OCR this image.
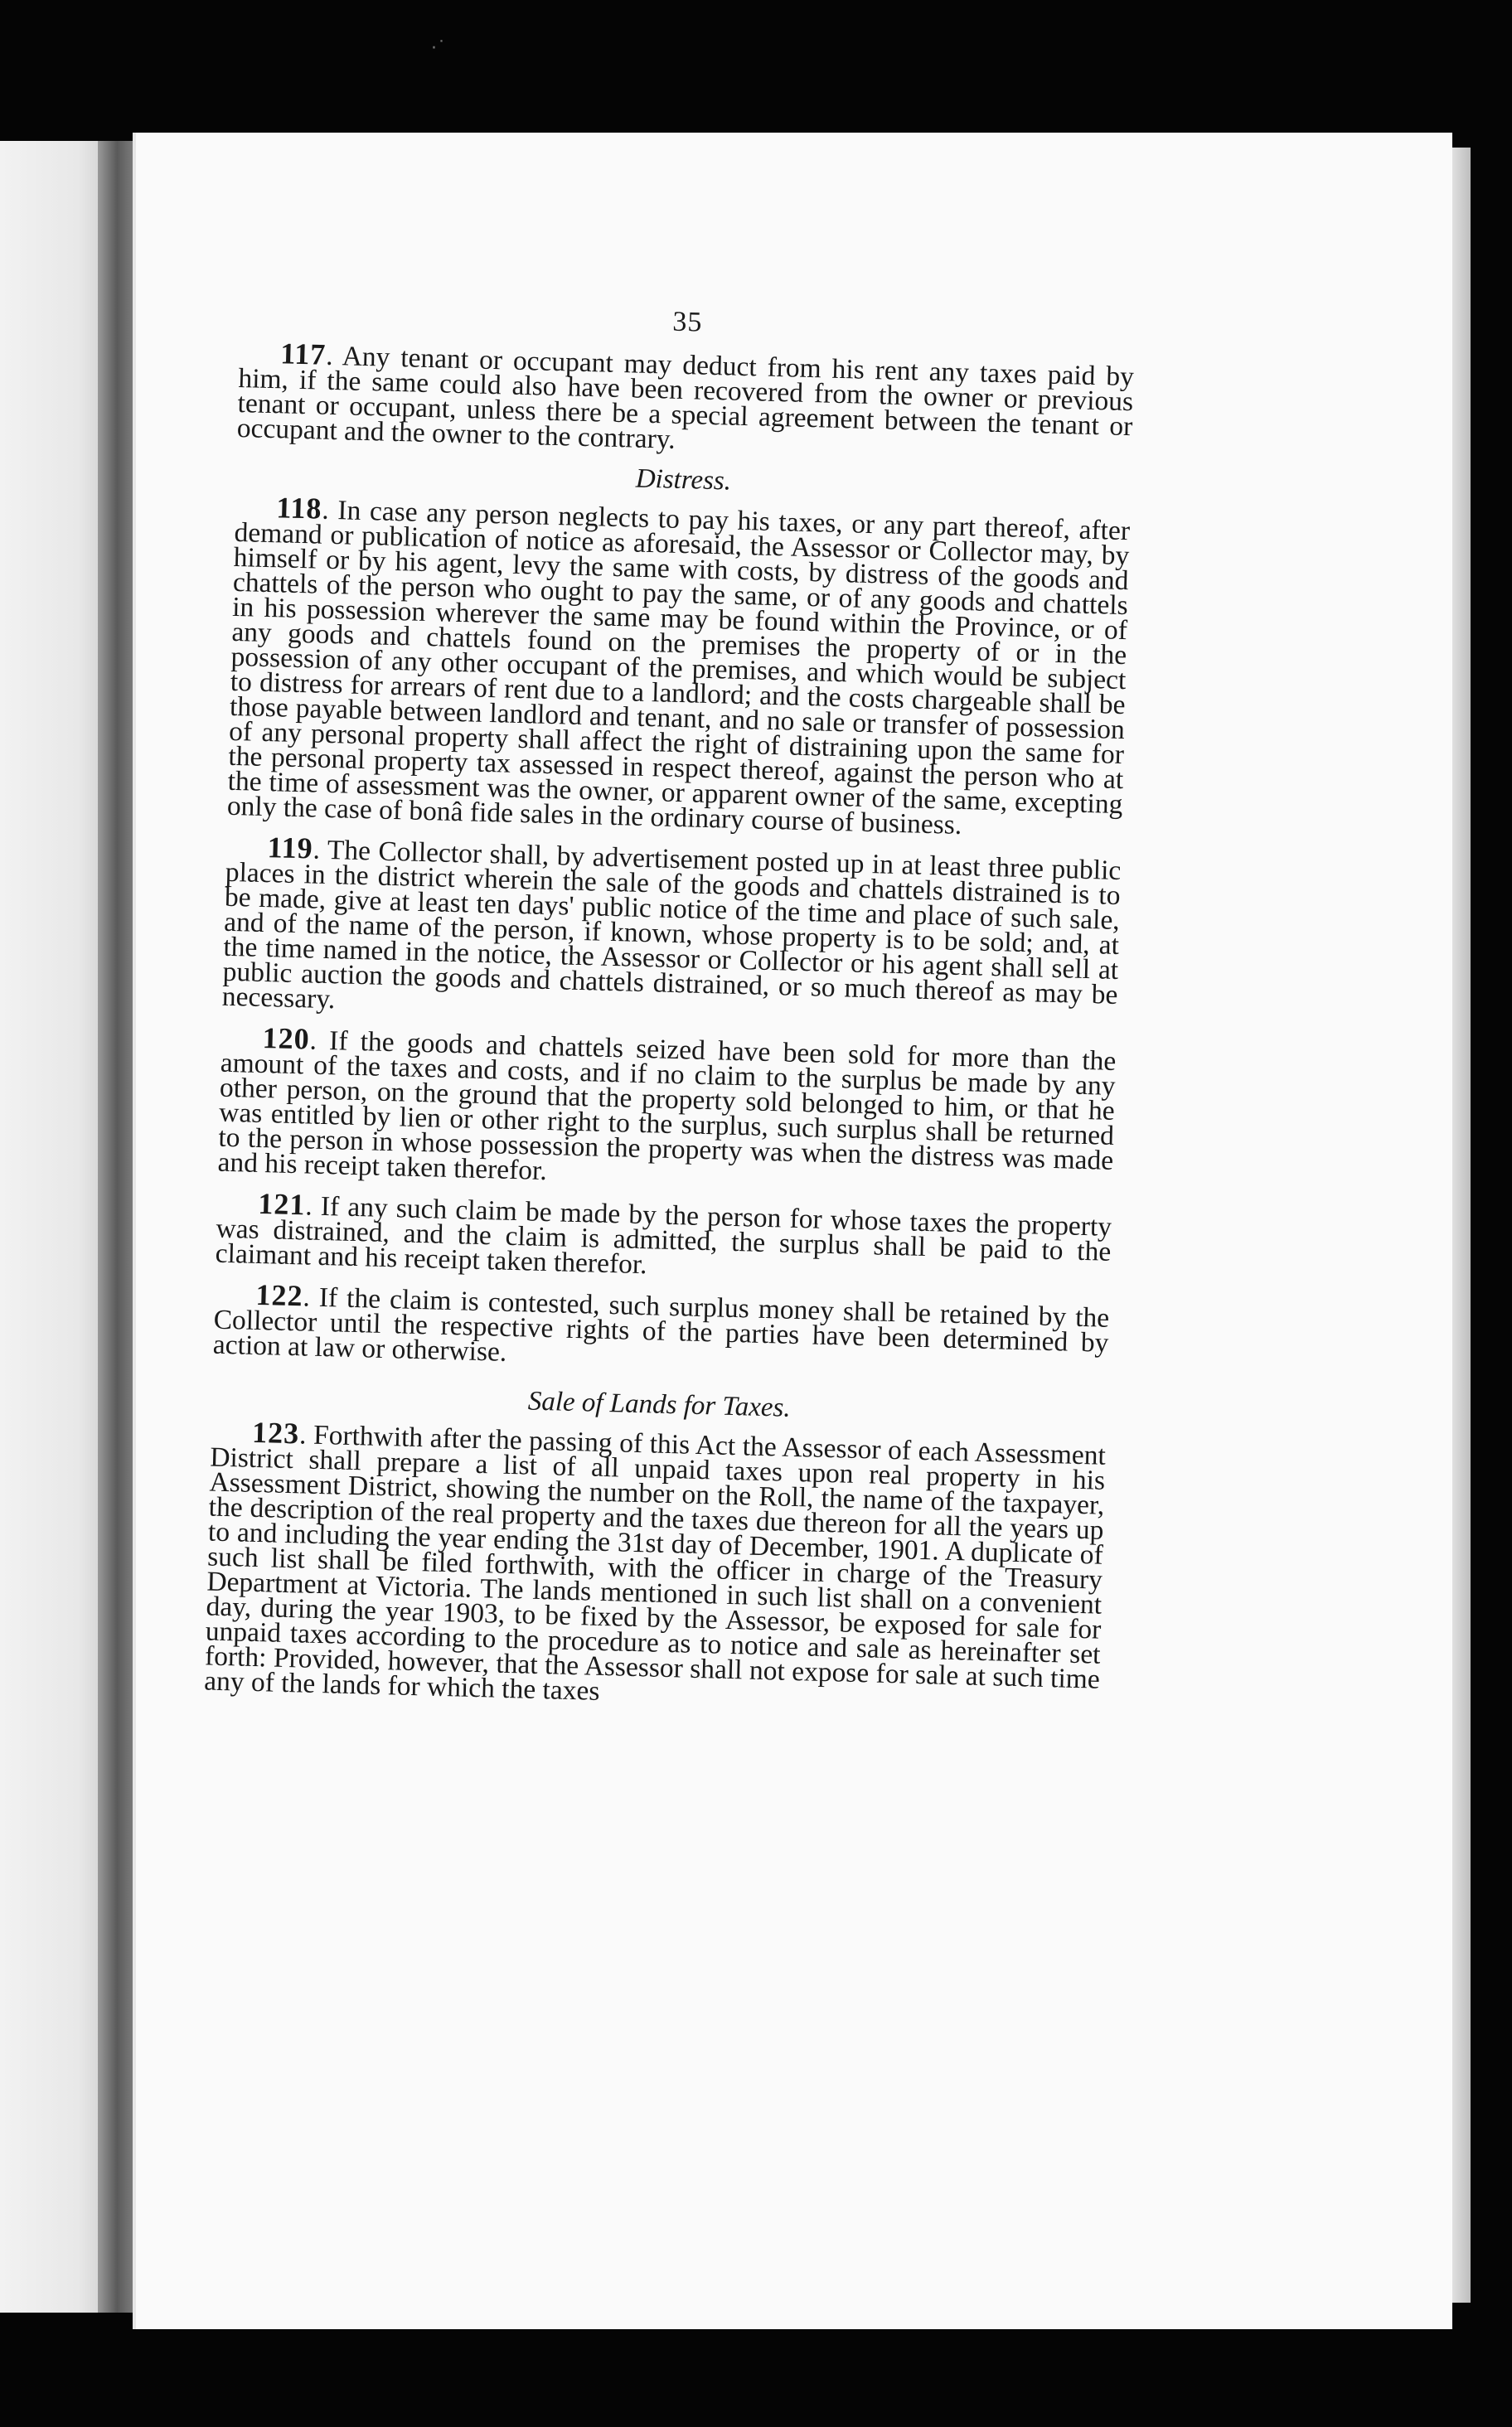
·˙
35

117. Any tenant or occupant may deduct from his rent any taxes paid by him, if the same could also have been recovered from the owner or previous tenant or occupant, unless there be a special agreement between the tenant or occupant and the owner to the contrary.

Distress.

118. In case any person neglects to pay his taxes, or any part thereof, after demand or publication of notice as aforesaid, the Assessor or Collector may, by himself or by his agent, levy the same with costs, by distress of the goods and chattels of the person who ought to pay the same, or of any goods and chattels in his possession wherever the same may be found within the Province, or of any goods and chattels found on the premises the property of or in the possession of any other occupant of the premises, and which would be subject to distress for arrears of rent due to a landlord; and the costs chargeable shall be those payable between landlord and tenant, and no sale or transfer of possession of any personal property shall affect the right of distraining upon the same for the personal property tax assessed in respect thereof, against the person who at the time of assessment was the owner, or apparent owner of the same, excepting only the case of bonâ fide sales in the ordinary course of business.

119. The Collector shall, by advertisement posted up in at least three public places in the district wherein the sale of the goods and chattels distrained is to be made, give at least ten days' public notice of the time and place of such sale, and of the name of the person, if known, whose property is to be sold; and, at the time named in the notice, the Assessor or Collector or his agent shall sell at public auction the goods and chattels distrained, or so much thereof as may be necessary.

120. If the goods and chattels seized have been sold for more than the amount of the taxes and costs, and if no claim to the surplus be made by any other person, on the ground that the property sold belonged to him, or that he was entitled by lien or other right to the surplus, such surplus shall be returned to the person in whose possession the property was when the distress was made and his receipt taken therefor.

121. If any such claim be made by the person for whose taxes the property was distrained, and the claim is admitted, the surplus shall be paid to the claimant and his receipt taken therefor.

122. If the claim is contested, such surplus money shall be retained by the Collector until the respective rights of the parties have been determined by action at law or otherwise.

Sale of Lands for Taxes.

123. Forthwith after the passing of this Act the Assessor of each Assessment District shall prepare a list of all unpaid taxes upon real property in his Assessment District, showing the number on the Roll, the name of the taxpayer, the description of the real property and the taxes due thereon for all the years up to and including the year ending the 31st day of December, 1901. A duplicate of such list shall be filed forthwith, with the officer in charge of the Treasury Department at Victoria. The lands mentioned in such list shall on a convenient day, during the year 1903, to be fixed by the Assessor, be exposed for sale for unpaid taxes according to the procedure as to notice and sale as hereinafter set forth: Provided, however, that the Assessor shall not expose for sale at such time any of the lands for which the taxes
